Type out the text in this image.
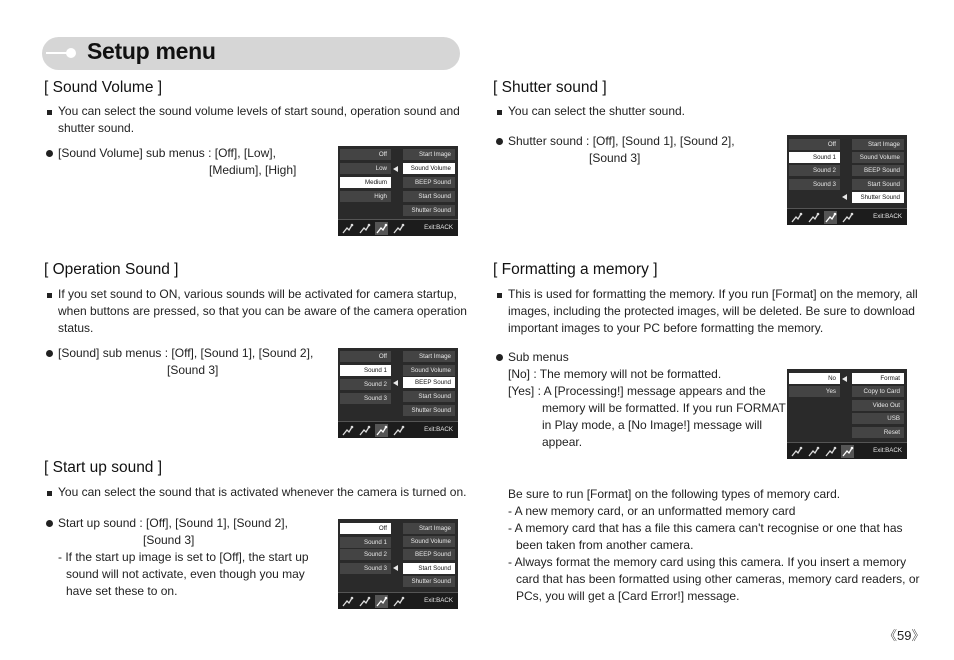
Setup menu
[ Sound Volume ]
You can select the sound volume levels of start sound, operation sound and
shutter sound.
[Sound Volume] sub menus : [Off], [Low],
[Medium], [High]
Off
Low
Medium
High
Start Image
Sound Volume
BEEP Sound
Start Sound
Shutter Sound
Exit:BACK
[ Operation Sound ]
If you set sound to ON, various sounds will be activated for camera startup,
when buttons are pressed, so that you can be aware of the camera operation
status.
[Sound] sub menus : [Off], [Sound 1], [Sound 2],
[Sound 3]
Off
Sound 1
Sound 2
Sound 3
Start Image
Sound Volume
BEEP Sound
Start Sound
Shutter Sound
Exit:BACK
[ Start up sound ]
You can select the sound that is activated whenever the camera is turned on.
Start up sound : [Off], [Sound 1], [Sound 2],
[Sound 3]
- If the start up image is set to [Off], the start up
sound will not activate, even though you may
have set these to on.
Off
Sound 1
Sound 2
Sound 3
Start Image
Sound Volume
BEEP Sound
Start Sound
Shutter Sound
Exit:BACK
[ Shutter sound ]
You can select the shutter sound.
Shutter sound : [Off], [Sound 1], [Sound 2],
[Sound 3]
Off
Sound 1
Sound 2
Sound 3
Start Image
Sound Volume
BEEP Sound
Start Sound
Shutter Sound
Exit:BACK
[ Formatting a memory ]
This is used for formatting the memory. If you run [Format] on the memory, all
images, including the protected images, will be deleted. Be sure to download
important images to your PC before formatting the memory.
Sub menus
[No] : The memory will not be formatted.
[Yes] : A [Processing!] message appears and the
memory will be formatted. If you run FORMAT
in Play mode, a [No Image!] message will
appear.
No
Yes
Format
Copy to Card
Video Out
USB
Reset
Exit:BACK
Be sure to run [Format] on the following types of memory card.
- A new memory card, or an unformatted memory card
- A memory card that has a file this camera can't recognise or one that has
been taken from another camera.
- Always format the memory card using this camera. If you insert a memory
card that has been formatted using other cameras, memory card readers, or
PCs, you will get a [Card Error!] message.
《59》
